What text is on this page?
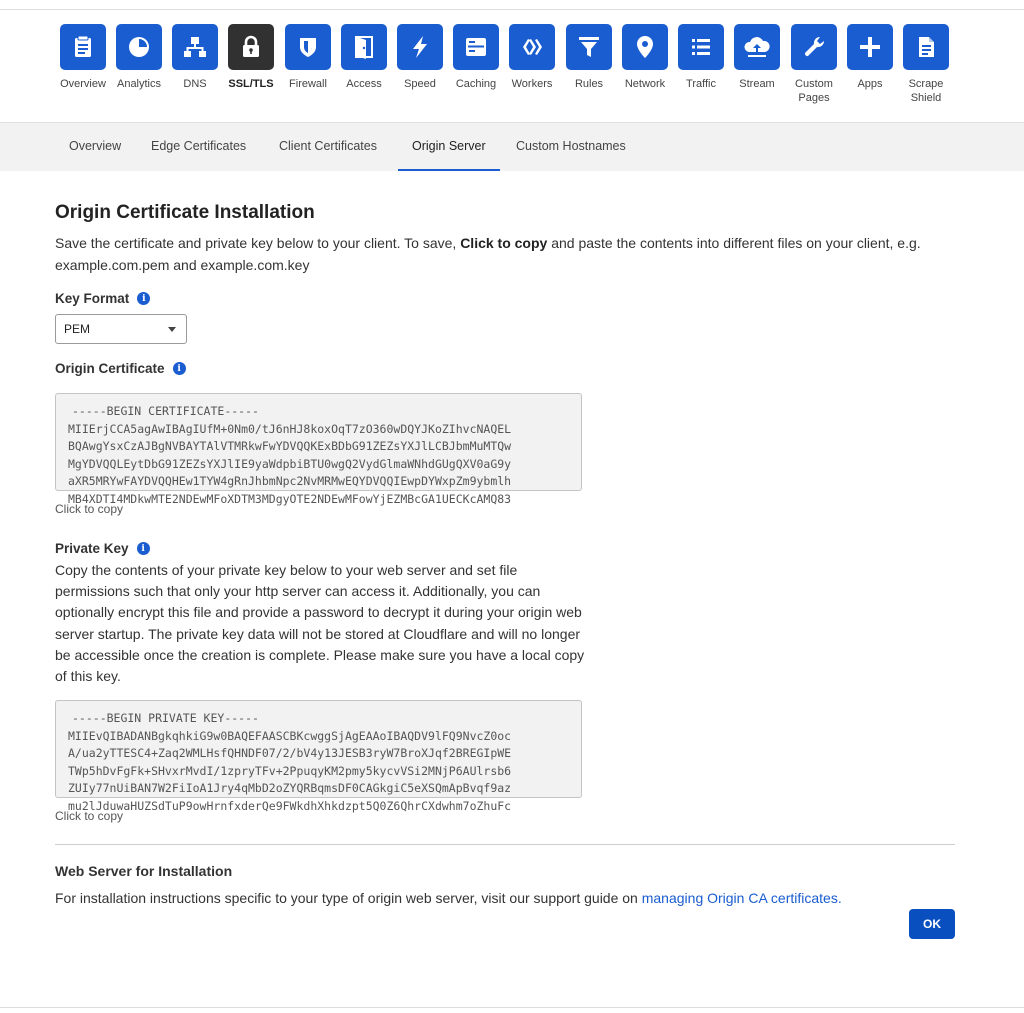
Overview	Analytics	DNS	SSL/TLS	Firewall	Access	Speed	Caching	Workers	Rules	Network	Traffic	Stream	Custom Pages
Apps	Scrape Shield
Overview	Edge Certificates	Client Certificates	Origin Server	Custom Hostnames
Origin Certificate Installation
Save the certificate and private key below to your client. To save, Click to copy and paste the contents into different files on your client, e.g. example.com.pem and example.com.key
Key Format	i
PEM
Origin Certificate	i
-----BEGIN CERTIFICATE-----
MIIErjCCA5agAwIBAgIUfM+0Nm0/tJ6nHJ8koxOqT7zO360wDQYJKoZIhvcNAQEL
BQAwgYsxCzAJBgNVBAYTAlVTMRkwFwYDVQQKExBDbG91ZEZsYXJlLCBJbmMuMTQw
MgYDVQQLEytDbG91ZEZsYXJlIE9yaWdpbiBTU0wgQ2VydGlmaWNhdGUgQXV0aG9y
aXR5MRYwFAYDVQQHEw1TYW4gRnJhbmNpc2NvMRMwEQYDVQQIEwpDYWxpZm9ybmlh
MB4XDTI4MDkwMTE2NDEwMFoXDTM3MDgyOTE2NDEwMFowYjEZMBcGA1UECKcAMQ83
Click to copy
Private Key	i
Copy the contents of your private key below to your web server and set file permissions such that only your http server can access it. Additionally, you can optionally encrypt this file and provide a password to decrypt it during your origin web server startup. The private key data will not be stored at Cloudflare and will no longer be accessible once the creation is complete. Please make sure you have a local copy of this key.
-----BEGIN PRIVATE KEY-----
MIIEvQIBADANBgkqhkiG9w0BAQEFAASCBKcwggSjAgEAAoIBAQDV9lFQ9NvcZ0oc
A/ua2yTTESC4+Zaq2WMLHsfQHNDF07/2/bV4y13JESB3ryW7BroXJqf2BREGIpWE
TWp5hDvFgFk+SHvxrMvdI/1zpryTFv+2PpuqyKM2pmy5kycvVSi2MNjP6AUlrsb6
ZUIy77nUiBAN7W2FiIoA1Jry4qMbD2oZYQRBqmsDF0CAGkgiC5eXSQmApBvqf9az
mu2lJduwaHUZSdTuP9owHrnfxderQe9FWkdhXhkdzpt5Q0Z6QhrCXdwhm7oZhuFc
Click to copy
Web Server for Installation
For installation instructions specific to your type of origin web server, visit our support guide on managing Origin CA certificates.
OK
